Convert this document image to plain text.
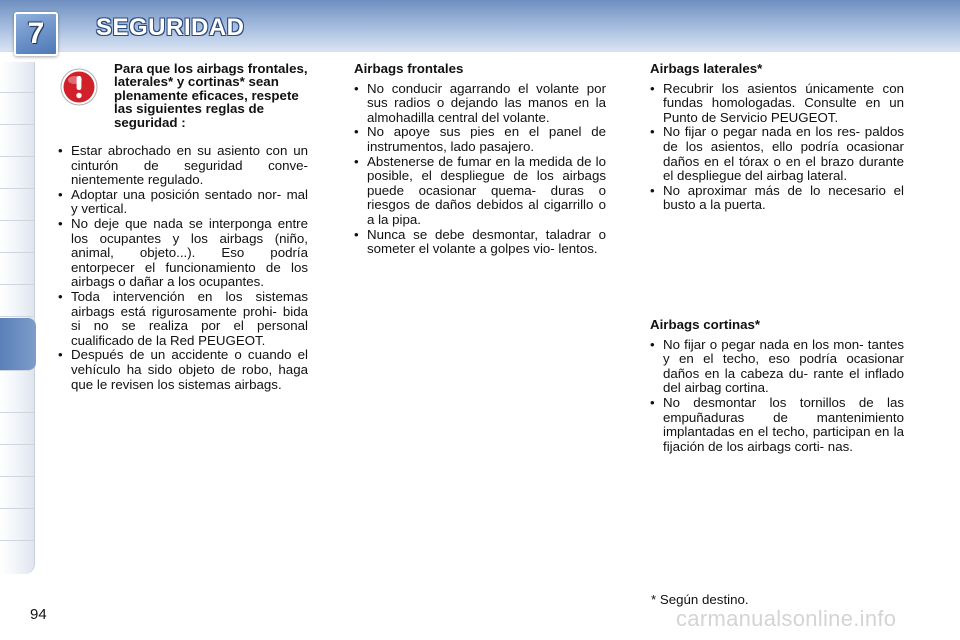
7 SEGURIDAD
Para que los airbags frontales, laterales* y cortinas* sean plenamente eficaces, respete las siguientes reglas de seguridad :
• Estar abrochado en su asiento con un cinturón de seguridad conve- nientemente regulado.
• Adoptar una posición sentado nor- mal y vertical.
• No deje que nada se interponga entre los ocupantes y los airbags (niño, animal, objeto...). Eso podría entorpecer el funcionamiento de los airbags o dañar a los ocupantes.
• Toda intervención en los sistemas airbags está rigurosamente prohi- bida si no se realiza por el personal cualificado de la Red PEUGEOT.
• Después de un accidente o cuando el vehículo ha sido objeto de robo, haga que le revisen los sistemas airbags.
Airbags frontales
• No conducir agarrando el volante por sus radios o dejando las manos en la almohadilla central del volante.
• No apoye sus pies en el panel de instrumentos, lado pasajero.
• Abstenerse de fumar en la medida de lo posible, el despliegue de los airbags puede ocasionar quema- duras o riesgos de daños debidos al cigarrillo o a la pipa.
• Nunca se debe desmontar, taladrar o someter el volante a golpes vio- lentos.
Airbags laterales*
• Recubrir los asientos únicamente con fundas homologadas. Consulte en un Punto de Servicio PEUGEOT.
• No fijar o pegar nada en los res- paldos de los asientos, ello podría ocasionar daños en el tórax o en el brazo durante el despliegue del airbag lateral.
• No aproximar más de lo necesario el busto a la puerta.
Airbags cortinas*
• No fijar o pegar nada en los mon- tantes y en el techo, eso podría ocasionar daños en la cabeza du- rante el inflado del airbag cortina.
• No desmontar los tornillos de las empuñaduras de mantenimiento implantadas en el techo, participan en la fijación de los airbags corti- nas.
* Según destino.
94	carmanualsonline.info
